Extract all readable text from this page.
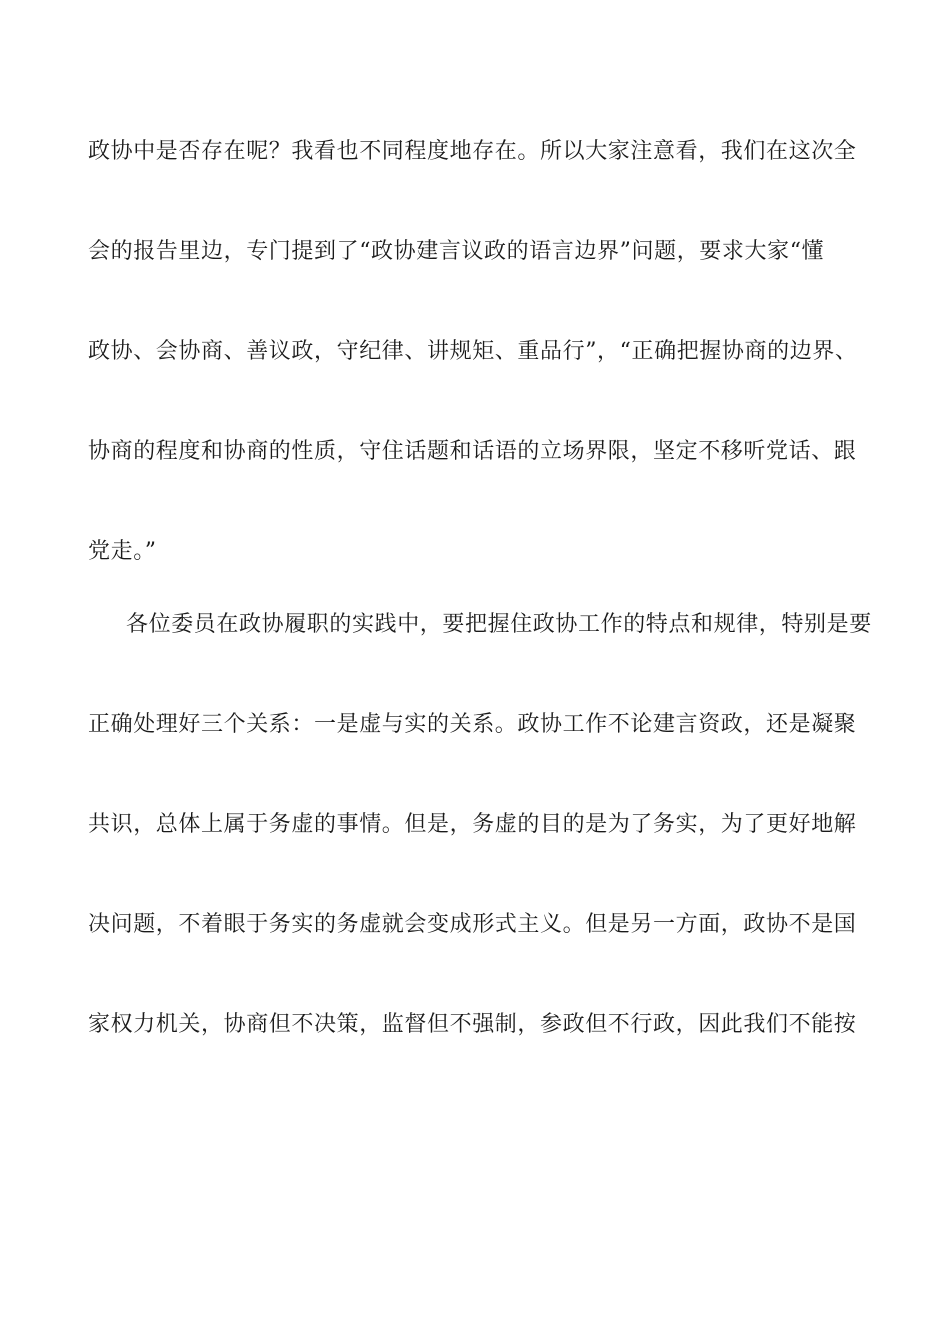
政协中是否存在呢？我看也不同程度地存在。所以大家注意看，我们在这次全
会的报告里边，专门提到了“政协建言议政的语言边界”问题，要求大家“懂
政协、会协商、善议政，守纪律、讲规矩、重品行”，“正确把握协商的边界、
协商的程度和协商的性质，守住话题和话语的立场界限，坚定不移听党话、跟
党走。”
各位委员在政协履职的实践中，要把握住政协工作的特点和规律，特别是要
正确处理好三个关系：一是虚与实的关系。政协工作不论建言资政，还是凝聚
共识，总体上属于务虚的事情。但是，务虚的目的是为了务实，为了更好地解
决问题，不着眼于务实的务虚就会变成形式主义。但是另一方面，政协不是国
家权力机关，协商但不决策，监督但不强制，参政但不行政，因此我们不能按
